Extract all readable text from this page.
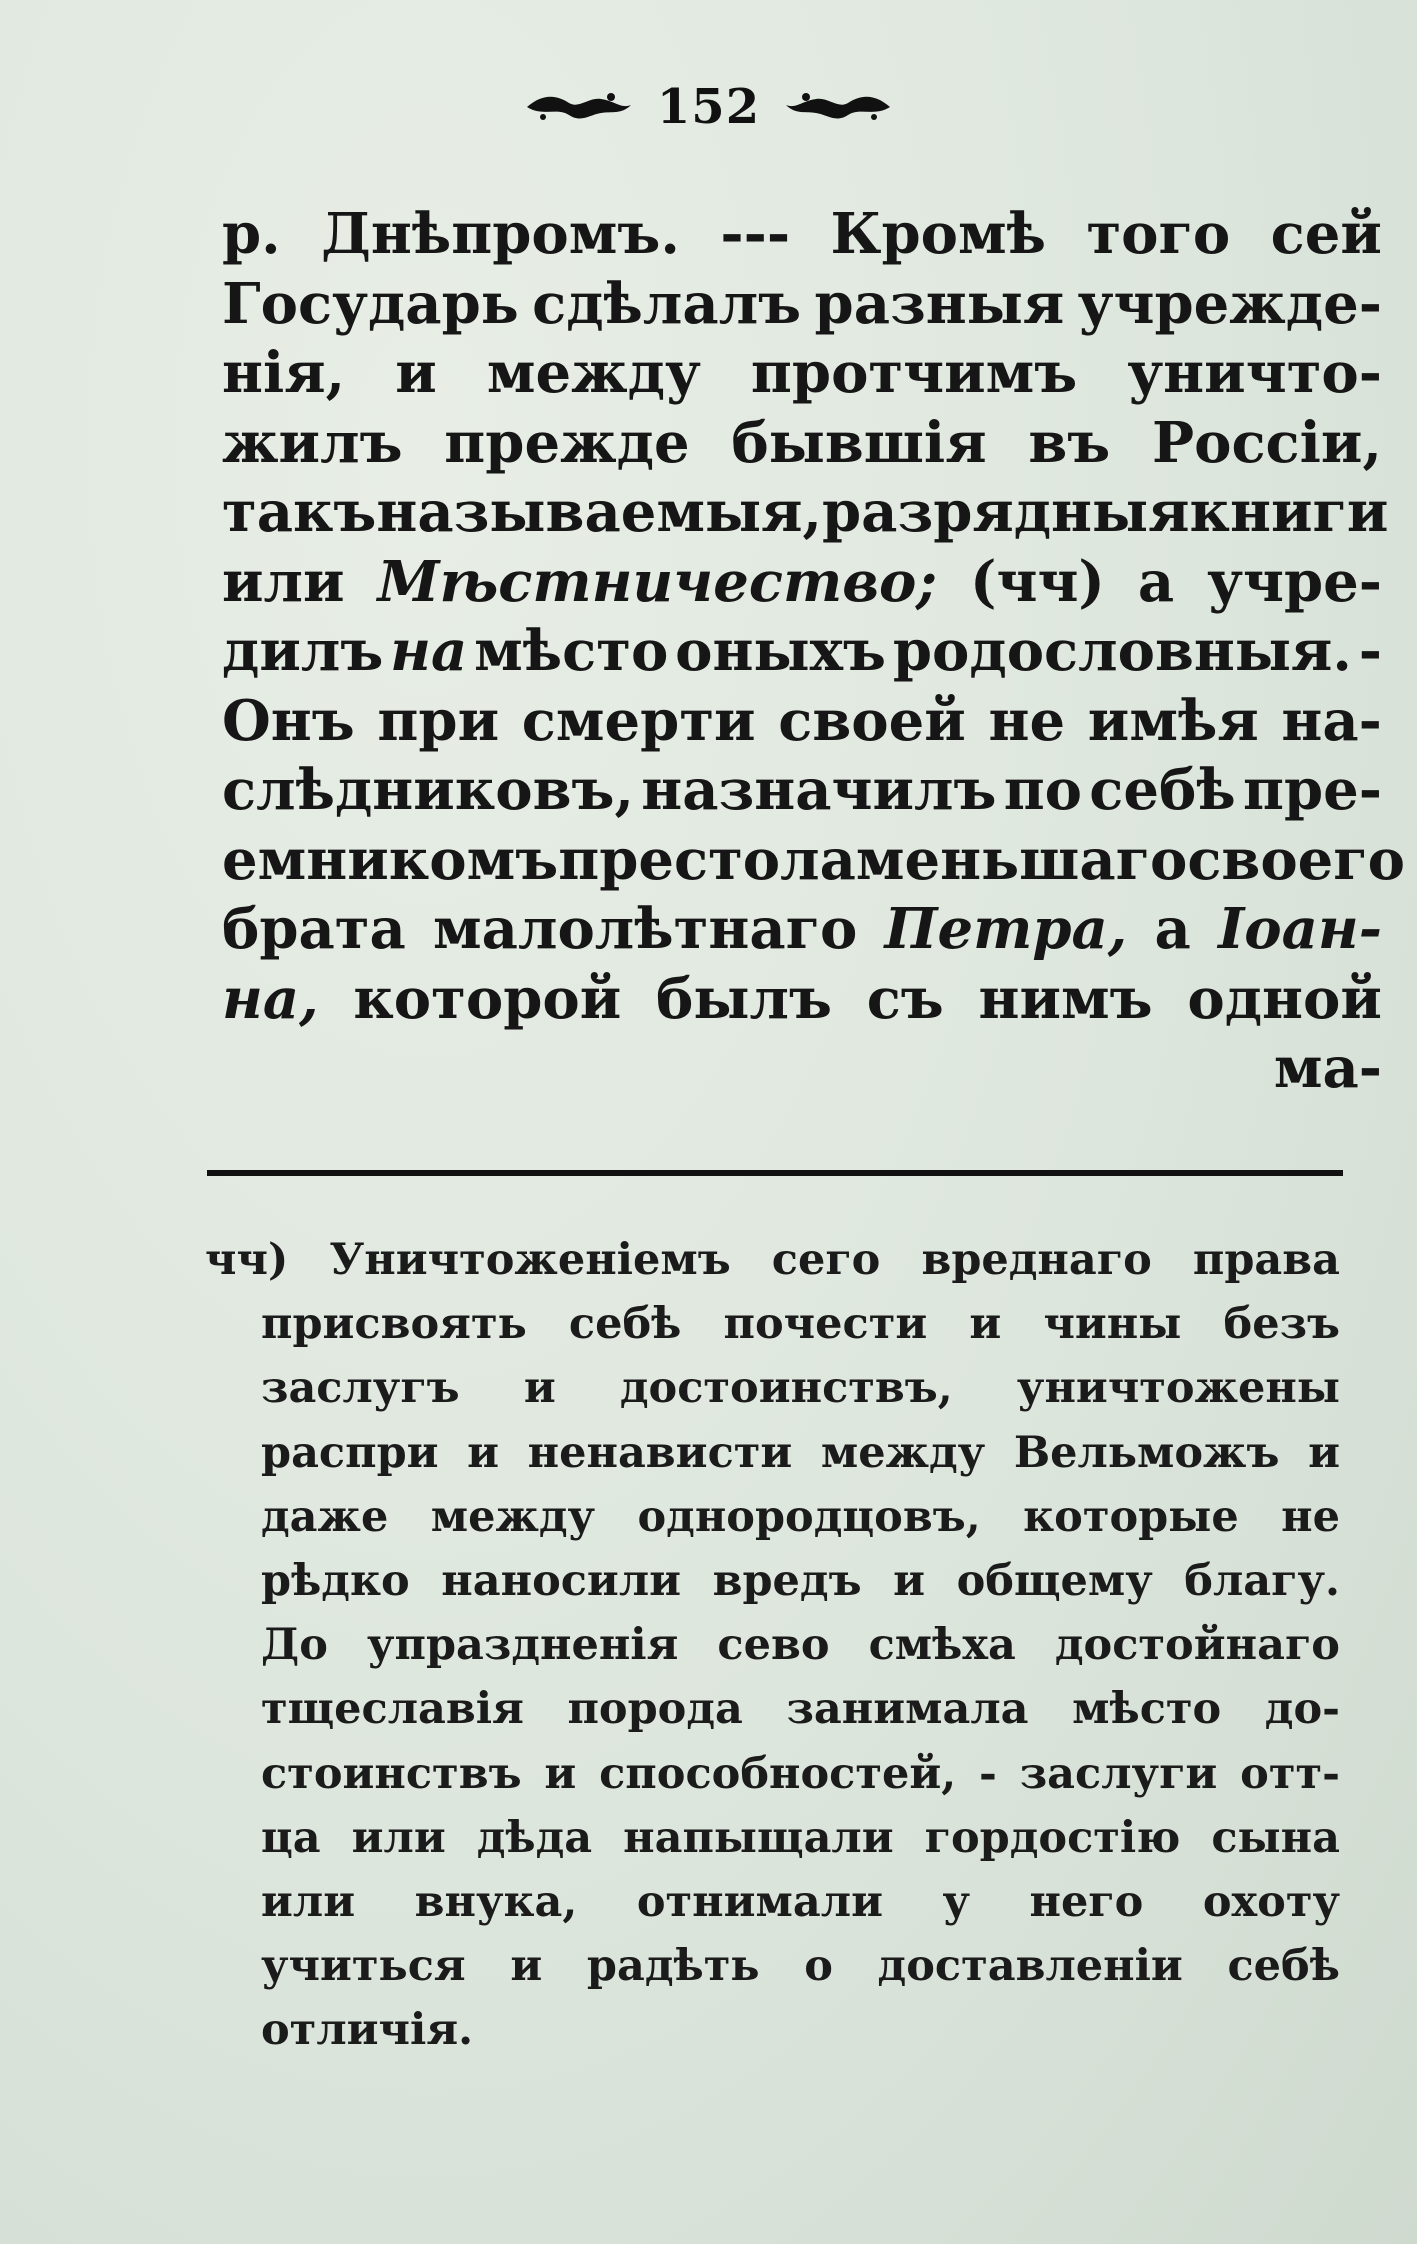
152
р. Днѣпромъ. --- Кромѣ того сей
Государь сдѣлалъ разныя учрежде-
нія, и между протчимъ уничто-
жилъ прежде бывшія въ Россіи,
такъ называемыя, разрядныя книги
или Мѣстничество; (чч) а учре-
дилъ на мѣсто оныхъ родословныя. -
Онъ при смерти своей не имѣя на-
слѣдниковъ, назначилъ по себѣ пре-
емникомъ престола меньшаго своего
брата малолѣтнаго Петра, а Іоан-
на, которой былъ съ нимъ одной
ма-
чч) Уничтоженіемъ сего вреднаго права
присвоять себѣ почести и чины безъ
заслугъ и достоинствъ, уничтожены
распри и ненависти между Вельможъ и
даже между однородцовъ, которые не
рѣдко наносили вредъ и общему благу.
До упраздненія сево смѣха достойнаго
тщеславія порода занимала мѣсто до-
стоинствъ и способностей, - заслуги отт-
ца или дѣда напыщали гордостію сына
или внука, отнимали у него охоту
учиться и радѣть о доставленіи себѣ
отличія.
